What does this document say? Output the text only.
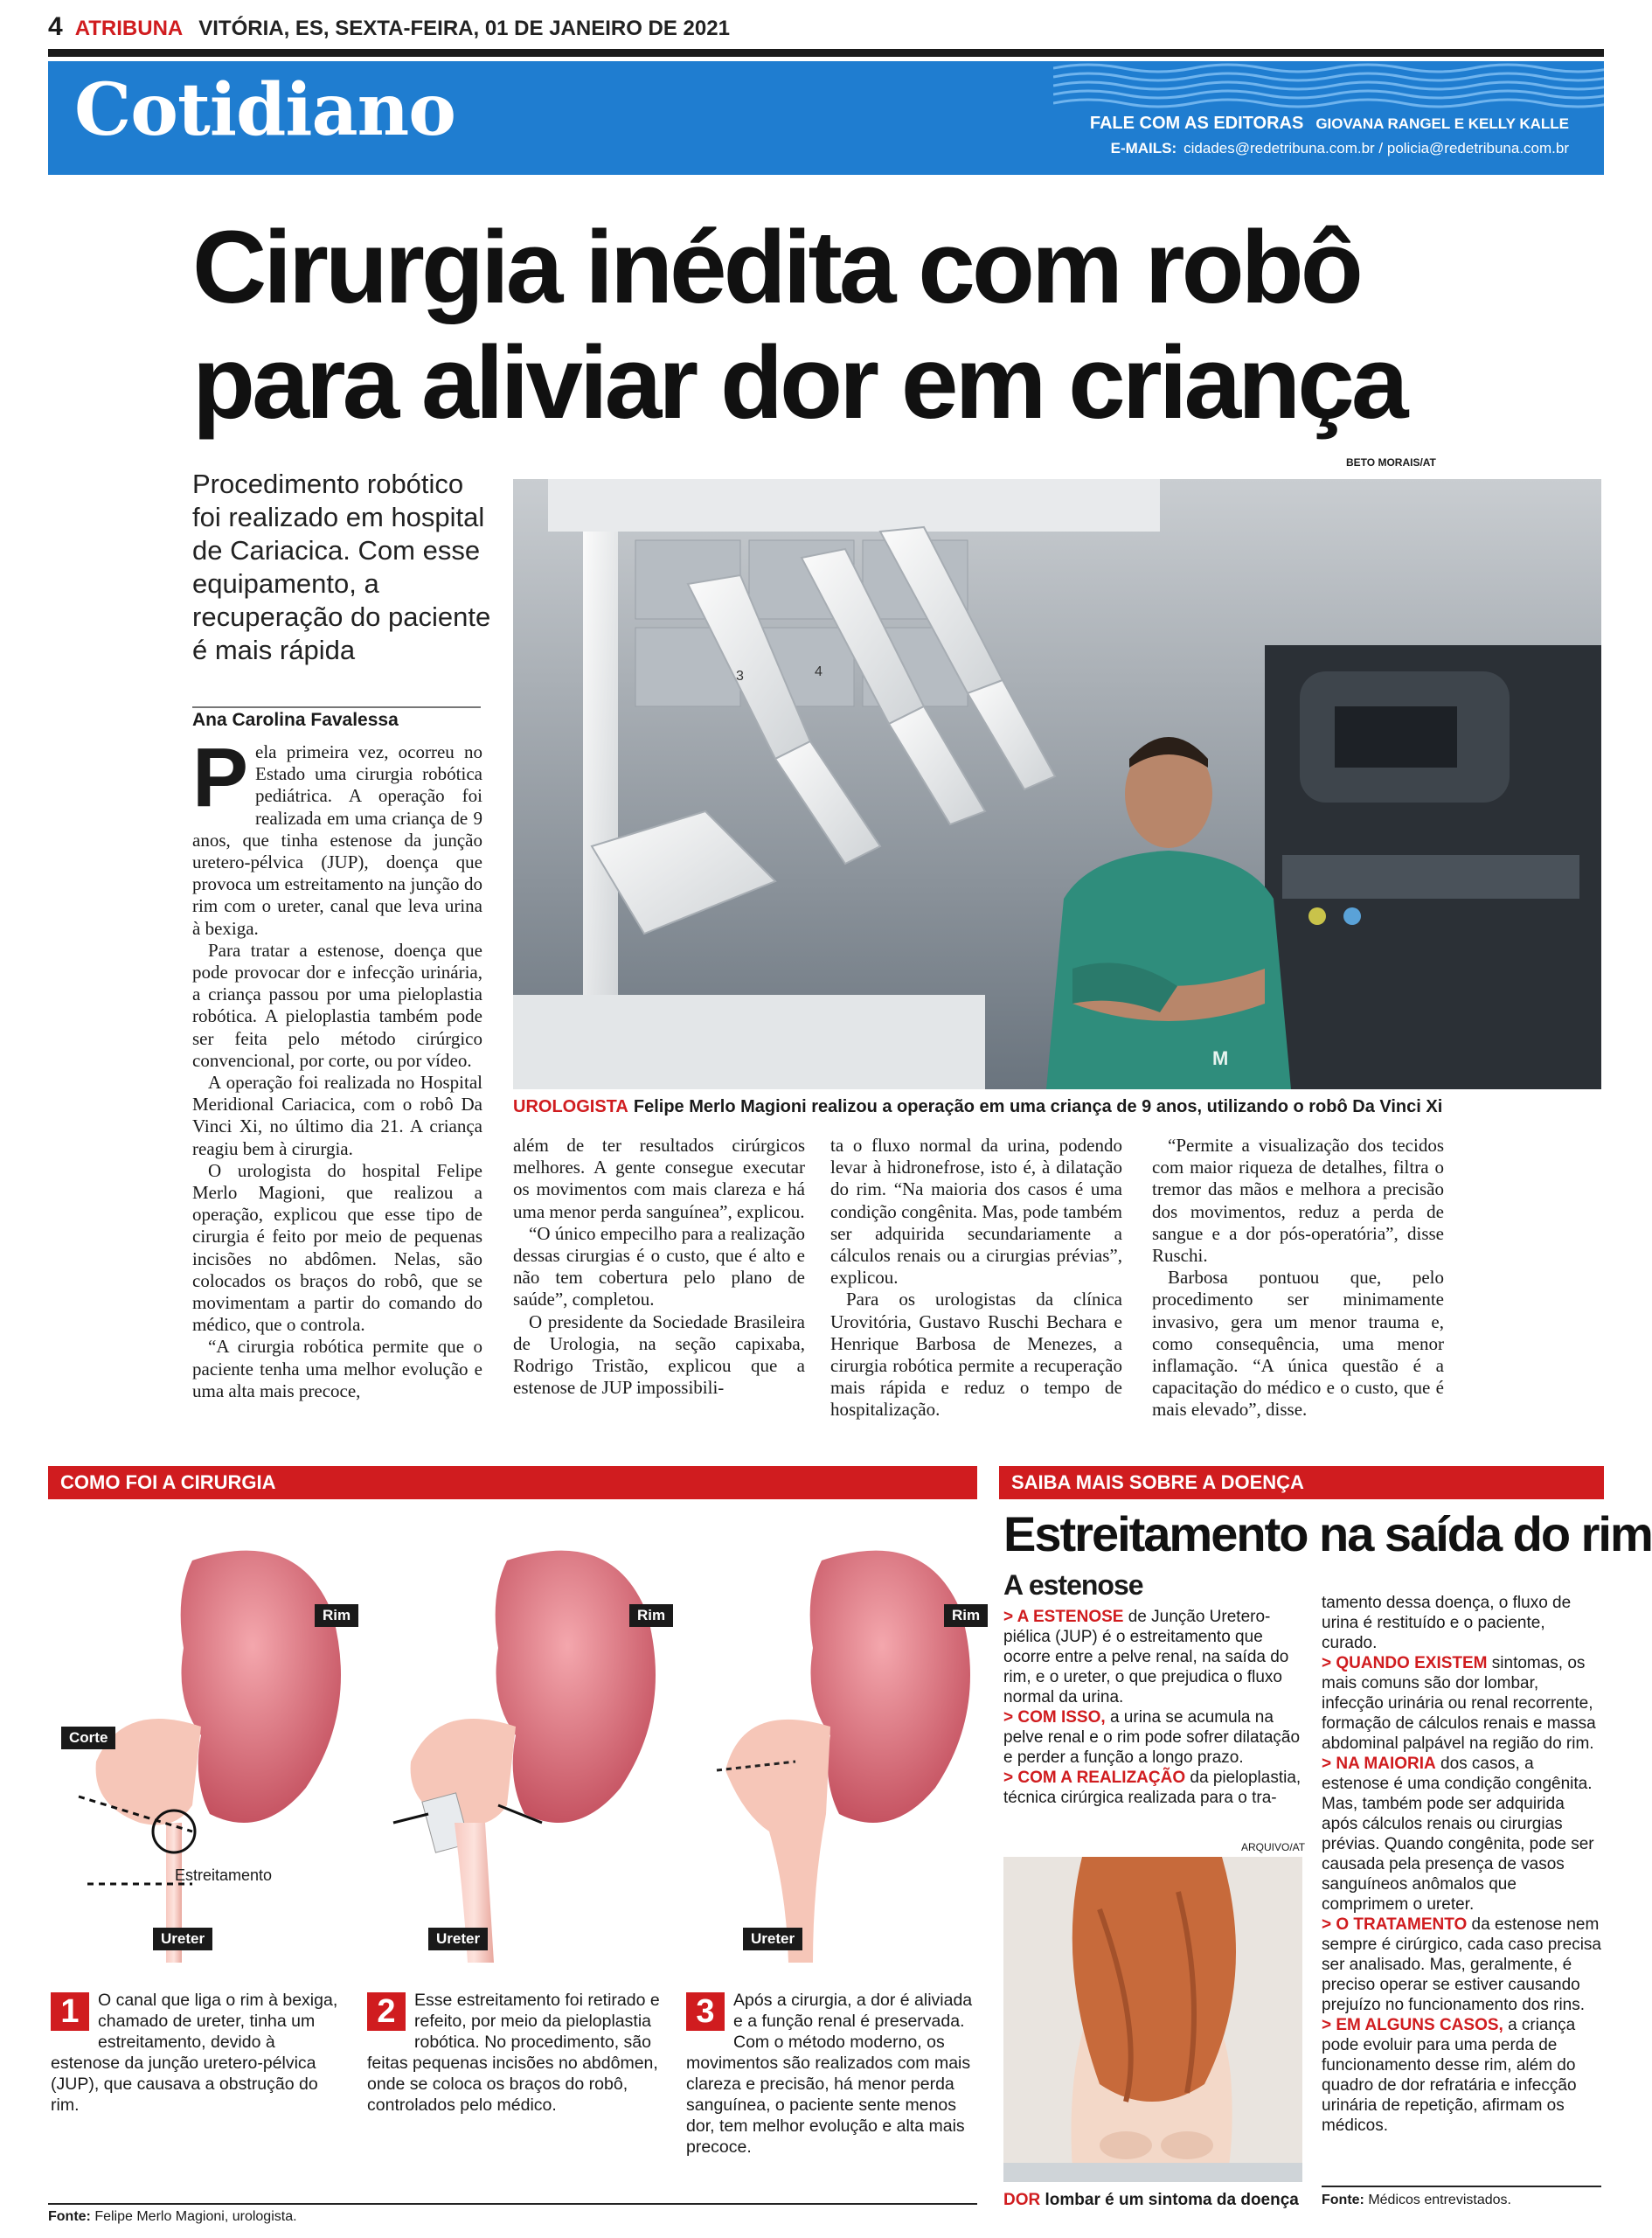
4 ATRIBUNA VITÓRIA, ES, SEXTA-FEIRA, 01 DE JANEIRO DE 2021
Cotidiano	FALE COM AS EDITORAS GIOVANA RANGEL E KELLY KALLE
E-MAILS: cidades@redetribuna.com.br / policia@redetribuna.com.br
Cirurgia inédita com robô
para aliviar dor em criança
Procedimento robótico foi realizado em hospital de Cariacica. Com esse equipamento, a recuperação do paciente é mais rápida
Ana Carolina Favalessa
P ela primeira vez, ocorreu no Estado uma cirurgia robótica pediátrica. A operação foi realizada em uma criança de 9 anos, que tinha estenose da junção uretero-pélvica (JUP), doença que provoca um estreitamento na junção do rim com o ureter, canal que leva urina à bexiga.

Para tratar a estenose, doença que pode provocar dor e infecção urinária, a criança passou por uma pieloplastia robótica. A pieloplastia também pode ser feita pelo método cirúrgico convencional, por corte, ou por vídeo.

A operação foi realizada no Hospital Meridional Cariacica, com o robô Da Vinci Xi, no último dia 21. A criança reagiu bem à cirurgia.

O urologista do hospital Felipe Merlo Magioni, que realizou a operação, explicou que esse tipo de cirurgia é feito por meio de pequenas incisões no abdômen. Nelas, são colocados os braços do robô, que se movimentam a partir do comando do médico, que o controla.

“A cirurgia robótica permite que o paciente tenha uma melhor evolução e uma alta mais precoce,

além de ter resultados cirúrgicos melhores. A gente consegue executar os movimentos com mais clareza e há uma menor perda sanguínea”, explicou.

“O único empecilho para a realização dessas cirurgias é o custo, que é alto e não tem cobertura pelo plano de saúde”, completou.

O presidente da Sociedade Brasileira de Urologia, na seção capixaba, Rodrigo Tristão, explicou que a estenose de JUP impossibili-

ta o fluxo normal da urina, podendo levar à hidronefrose, isto é, à dilatação do rim. “Na maioria dos casos é uma condição congênita. Mas, pode também ser adquirida secundariamente a cálculos renais ou a cirurgias prévias”, explicou.

Para os urologistas da clínica Urovitória, Gustavo Ruschi Bechara e Henrique Barbosa de Menezes, a cirurgia robótica permite a recuperação mais rápida e reduz o tempo de hospitalização.

“Permite a visualização dos tecidos com maior riqueza de detalhes, filtra o tremor das mãos e melhora a precisão dos movimentos, reduz a perda de sangue e a dor pós-operatória”, disse Ruschi.

Barbosa pontuou que, pelo procedimento ser minimamente invasivo, gera um menor trauma e, como consequência, uma menor inflamação. “A única questão é a capacitação do médico e o custo, que é mais elevado”, disse.

BETO MORAIS/AT
3	4
M
UROLOGISTA Felipe Merlo Magioni realizou a operação em uma criança de 9 anos, utilizando o robô Da Vinci Xi
COMO FOI A CIRURGIA
Rim
Corte
Estreitamento
Ureter
Rim
Ureter
Rim
Ureter
1	O canal que liga o rim à bexiga, chamado de ureter, tinha um estreitamento, devido à estenose da junção uretero-pélvica (JUP), que causava a obstrução do rim.
2	Esse estreitamento foi retirado e refeito, por meio da pieloplastia robótica. No procedimento, são feitas pequenas incisões no abdômen, onde se coloca os braços do robô, controlados pelo médico.
3	Após a cirurgia, a dor é aliviada e a função renal é preservada. Com o método moderno, os movimentos são realizados com mais clareza e precisão, há menor perda sanguínea, o paciente sente menos dor, tem melhor evolução e alta mais precoce.
Fonte: Felipe Merlo Magioni, urologista.
SAIBA MAIS SOBRE A DOENÇA
Estreitamento na saída do rim
A estenose

> A ESTENOSE de Junção Uretero-piélica (JUP) é o estreitamento que ocorre entre a pelve renal, na saída do rim, e o ureter, o que prejudica o fluxo normal da urina.

> COM ISSO, a urina se acumula na pelve renal e o rim pode sofrer dilatação e perder a função a longo prazo.

> COM A REALIZAÇÃO da pieloplastia, técnica cirúrgica realizada para o tra-

ARQUIVO/AT
DOR lombar é um sintoma da doença

tamento dessa doença, o fluxo de urina é restituído e o paciente, curado.

> QUANDO EXISTEM sintomas, os mais comuns são dor lombar, infecção urinária ou renal recorrente, formação de cálculos renais e massa abdominal palpável na região do rim.

> NA MAIORIA dos casos, a estenose é uma condição congênita. Mas, também pode ser adquirida após cálculos renais ou cirurgias prévias. Quando congênita, pode ser causada pela presença de vasos sanguíneos anômalos que comprimem o ureter.

> O TRATAMENTO da estenose nem sempre é cirúrgico, cada caso precisa ser analisado. Mas, geralmente, é preciso operar se estiver causando prejuízo no funcionamento dos rins.

> EM ALGUNS CASOS, a criança pode evoluir para uma perda de funcionamento desse rim, além do quadro de dor refratária e infecção urinária de repetição, afirmam os médicos.

Fonte: Médicos entrevistados.
